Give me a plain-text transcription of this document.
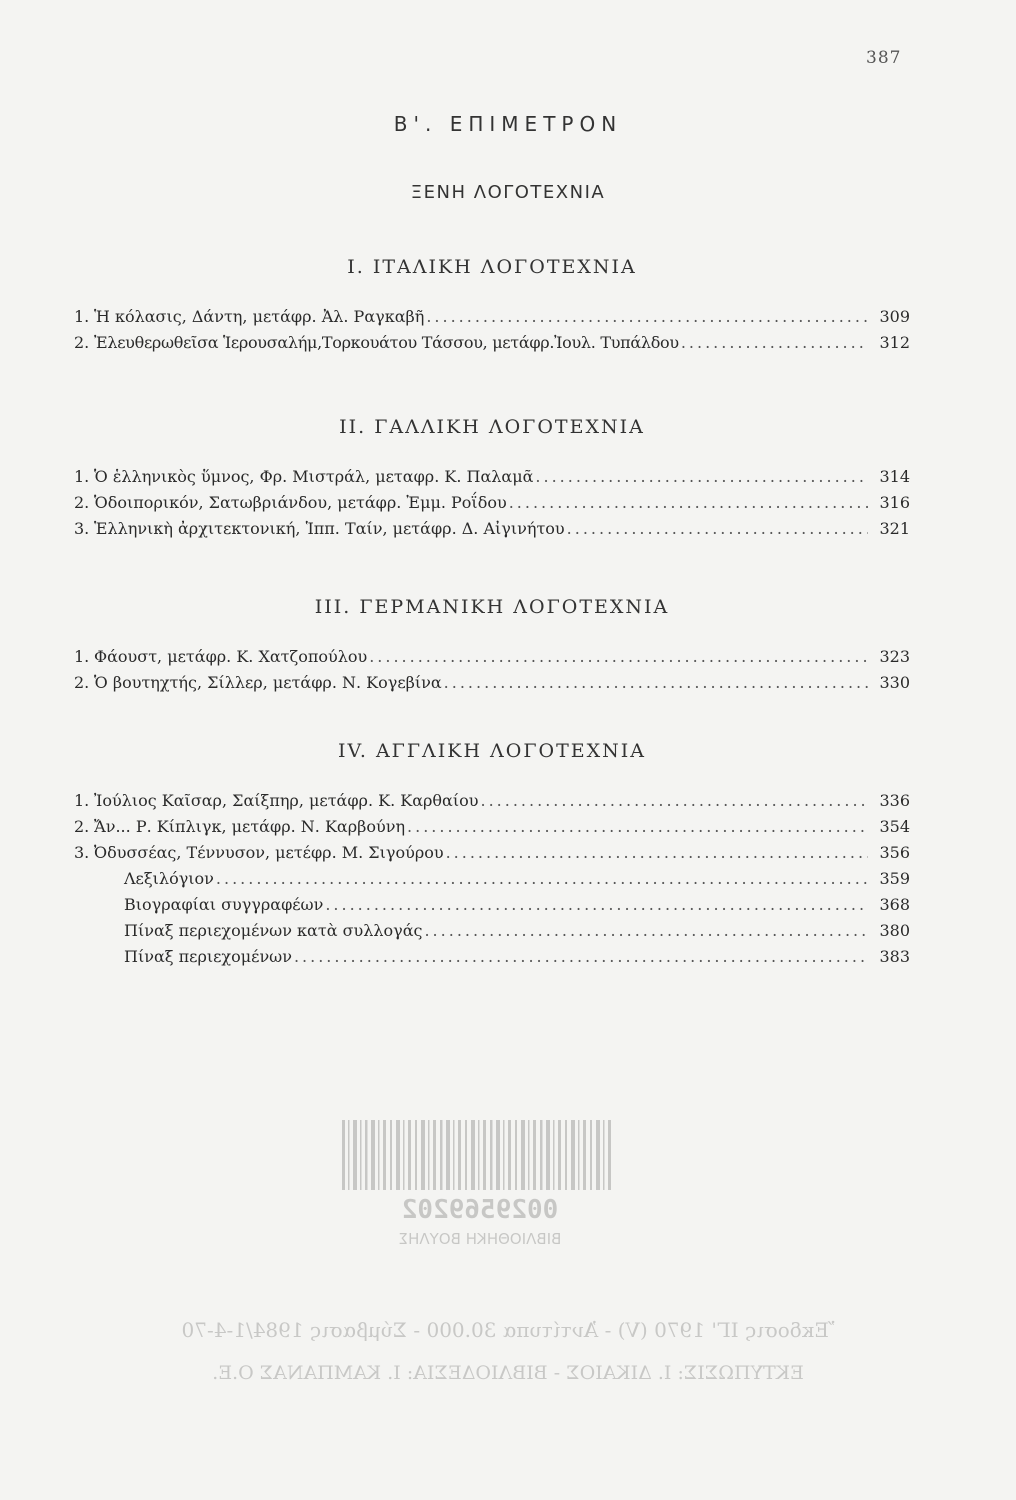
387
Β'. ΕΠΙΜΕΤΡΟΝ
ΞΕΝΗ ΛΟΓΟΤΕΧΝΙΑ
I. ΙΤΑΛΙΚΗ ΛΟΓΟΤΕΧΝΙΑ
1. Ἡ κόλασις, Δάντη, μετάφρ. Ἀλ. Ραγκαβῆ .....	309
2. Ἐλευθερωθεῖσα Ἱερουσαλήμ,Τορκουάτου Τάσσου, μετάφρ.Ἰουλ. Τυπάλδου .....	312
II. ΓΑΛΛΙΚΗ ΛΟΓΟΤΕΧΝΙΑ
1. Ὁ ἑλληνικὸς ὕμνος, Φρ. Μιστράλ, μεταφρ. Κ. Παλαμᾶ .....	314
2. Ὁδοιπορικόν, Σατωβριάνδου, μετάφρ. Ἐμμ. Ροΐδου .....	316
3. Ἑλληνικὴ ἀρχιτεκτονική, Ἱππ. Ταίν, μετάφρ. Δ. Αἰγινήτου .....	321
III. ΓΕΡΜΑΝΙΚΗ ΛΟΓΟΤΕΧΝΙΑ
1. Φάουστ, μετάφρ. Κ. Χατζοπούλου .....	323
2. Ὁ βουτηχτής, Σίλλερ, μετάφρ. Ν. Κογεβίνα .....	330
IV. ΑΓΓΛΙΚΗ ΛΟΓΟΤΕΧΝΙΑ
1. Ἰούλιος Καῖσαρ, Σαίξπηρ, μετάφρ. Κ. Καρθαίου .....	336
2. Ἄν... Ρ. Κίπλιγκ, μετάφρ. Ν. Καρβούνη .....	354
3. Ὀδυσσέας, Τέννυσον, μετέφρ. Μ. Σιγούρου .....	356
Λεξιλόγιον .....	359
Βιογραφίαι συγγραφέων .....	368
Πίναξ περιεχομένων κατὰ συλλογάς .....	380
Πίναξ περιεχομένων .....	383
0029569202
ΒΙΒΛΙΟΘΗΚΗ ΒΟΥΛΗΣ
Ἔκδοσις ΙΓ' 1970 (V) - Ἀντίτυπα 30.000 - Σύμβασις 1984/1-4-70
ΕΚΤΥΠΩΣΙΣ: Ι. ΔΙΚΑΙΟΣ - ΒΙΒΛΙΟΔΕΣΙΑ: Ι. ΚΑΜΠΑΝΑΣ Ο.Ε.
